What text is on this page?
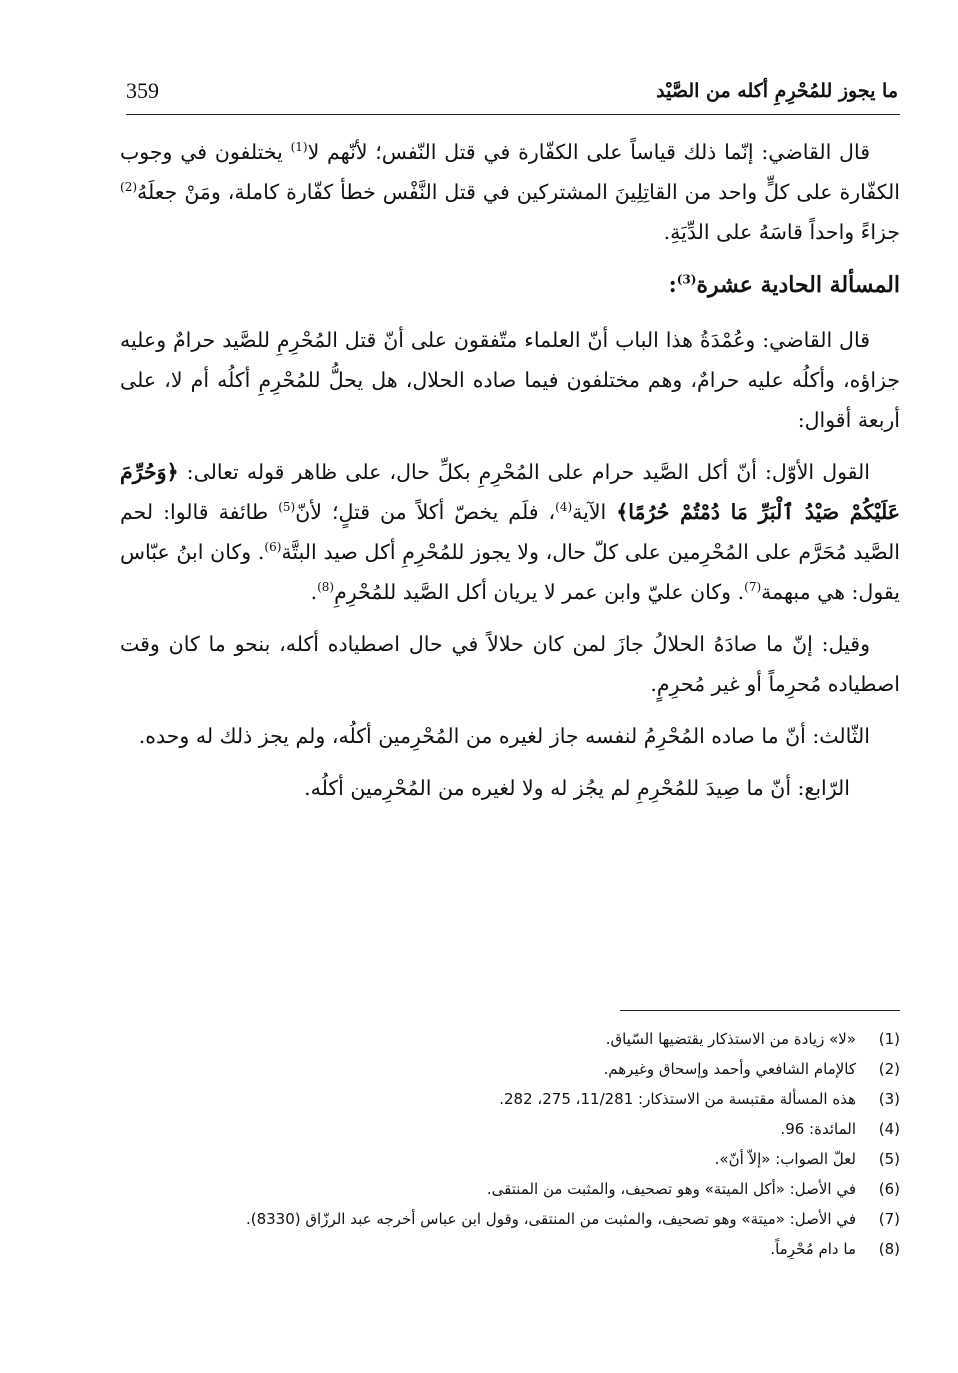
ما يجوز للمُحْرِمِ أكله من الصَّيْد
359

قال القاضي: إنّما ذلك قياساً على الكفّارة في قتل النّفس؛ لأنّهم لا$^{(1)}$ يختلفون في وجوب الكفّارة على كلٍّ واحد من القاتِلِينَ المشتركين في قتل النَّفْس خطأ كفّارة كاملة، ومَنْ جعلَهُ$^{(2)}$ جزاءً واحداً قاسَهُ على الدِّيَةِ.

المسألة الحادية عشرة$^{(3)}$:

قال القاضي: وعُمْدَةُ هذا الباب أنّ العلماء متّفقون على أنّ قتل المُحْرِمِ للصَّيد حرامٌ وعليه جزاؤه، وأكلُه عليه حرامٌ، وهم مختلفون فيما صاده الحلال، هل يحلُّ للمُحْرِمِ أكلُه أم لا، على أربعة أقوال:

القول الأوّل: أنّ أكل الصَّيد حرام على المُحْرِمِ بكلِّ حال، على ظاهر قوله تعالى: ﴿وَحُرِّمَ عَلَيْكُمْ صَيْدُ ٱلْبَرِّ مَا دُمْتُمْ حُرُمًا﴾ الآية$^{(4)}$، فلَم يخصّ أكلاً من قتلٍ؛ لأنّ$^{(5)}$ طائفة قالوا: لحم الصَّيد مُحَرَّم على المُحْرِمين على كلّ حال، ولا يجوز للمُحْرِمِ أكل صيد البتَّة$^{(6)}$. وكان ابنُ عبّاس يقول: هي مبهمة$^{(7)}$. وكان عليّ وابن عمر لا يريان أكل الصَّيد للمُحْرِمِ$^{(8)}$.

وقيل: إنّ ما صادَهُ الحلالُ جازَ لمن كان حلالاً في حال اصطياده أكله، بنحو ما كان وقت اصطياده مُحرِماً أو غير مُحرِمٍ.

الثّالث: أنّ ما صاده المُحْرِمُ لنفسه جاز لغيره من المُحْرِمين أكلُه، ولم يجز ذلك له وحده.

الرّابع: أنّ ما صِيدَ للمُحْرِمِ لم يجُز له ولا لغيره من المُحْرِمين أكلُه.

(1)
«لا» زيادة من الاستذكار يقتضيها السّياق.
(2)
كالإمام الشافعي وأحمد وإسحاق وغيرهم.
(3)
هذه المسألة مقتبسة من الاستذكار: 11/281، 275، 282.
(4)
المائدة: 96.
(5)
لعلّ الصواب: «إلاّ أنّ».
(6)
في الأصل: «أكل الميتة» وهو تصحيف، والمثبت من المنتقى.
(7)
في الأصل: «ميتة» وهو تصحيف، والمثبت من المنتقى، وقول ابن عباس أخرجه عبد الرزّاق (8330).
(8)
ما دام مُحْرِماً.
